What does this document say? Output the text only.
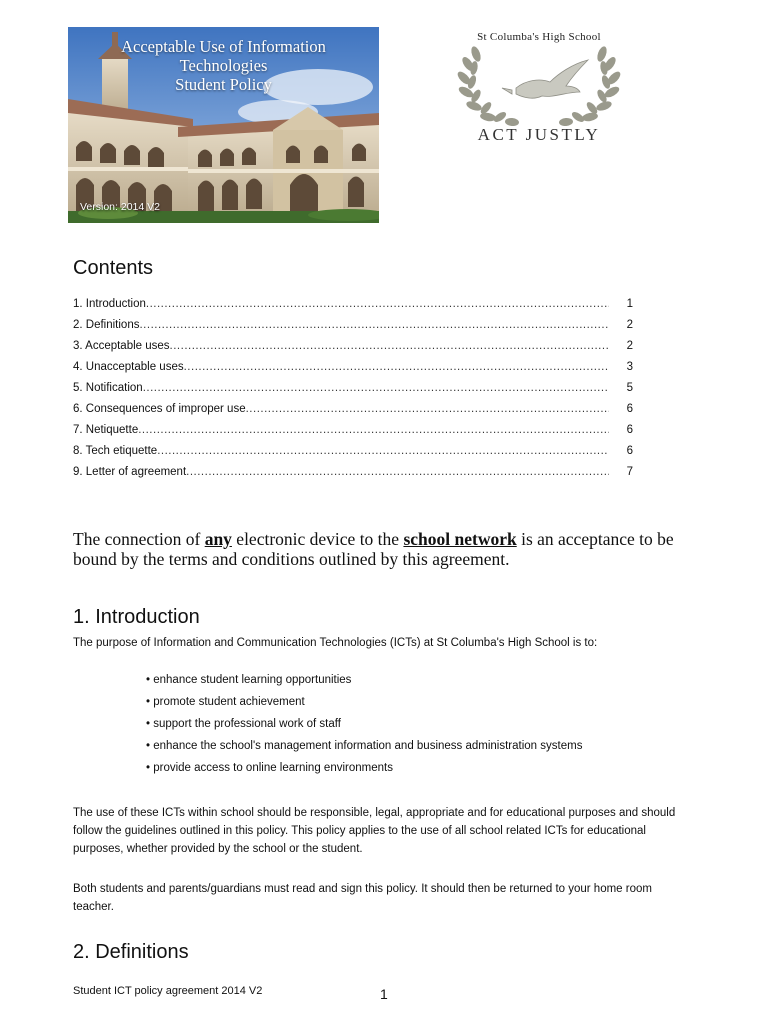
Acceptable Use of Information
Technologies
Student Policy
Version: 2014 V2
St Columba's High School
ACT JUSTLY
Contents
1. Introduction .....	1
2. Definitions .....	2
3. Acceptable uses .....	2
4. Unacceptable uses .....	3
5. Notification .....	5
6. Consequences of improper use .....	6
7. Netiquette .....	6
8. Tech etiquette .....	6
9. Letter of agreement .....	7
The connection of any electronic device to the school network is an acceptance to be bound by the terms and conditions outlined by this agreement.
1. Introduction
The purpose of Information and Communication Technologies (ICTs) at St Columba's High School is to:
• enhance student learning opportunities
• promote student achievement
• support the professional work of staff
• enhance the school's management information and business administration systems
• provide access to online learning environments
The use of these ICTs within school should be responsible, legal, appropriate and for educational purposes and should follow the guidelines outlined in this policy. This policy applies to the use of all school related ICTs for educational purposes, whether provided by the school or the student.
Both students and parents/guardians must read and sign this policy. It should then be returned to your home room teacher.
2. Definitions
Student ICT policy agreement 2014 V2	1
